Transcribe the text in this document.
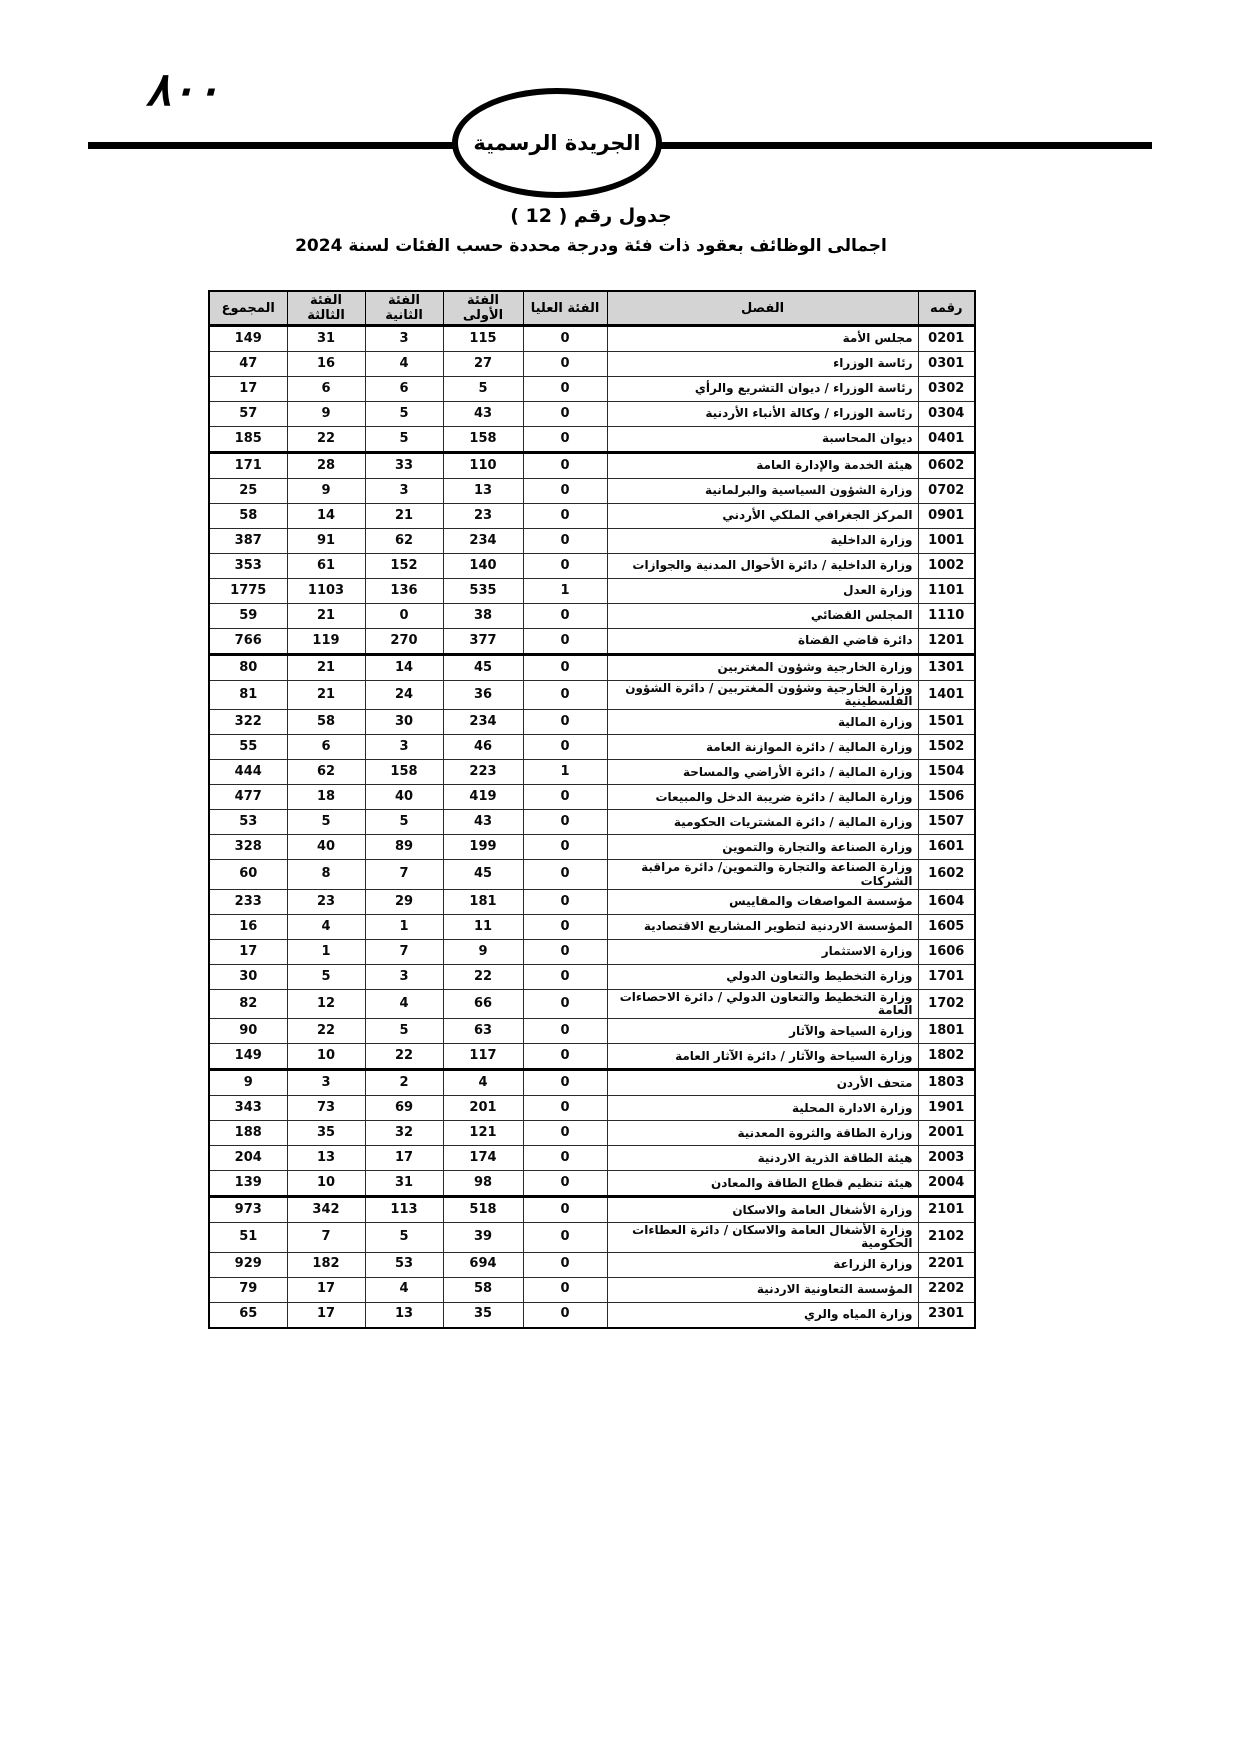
٨٠٠
الجريدة الرسمية
جدول رقم ( 12 )
اجمالى الوظائف بعقود ذات فئة ودرجة محددة حسب الفئات لسنة 2024
رقمه	الفصل	الفئة العليا	الفئة الأولى	الفئة الثانية	الفئة الثالثة	المجموع
0201	مجلس الأمة	0	115	3	31	149
0301	رئاسة الوزراء	0	27	4	16	47
0302	رئاسة الوزراء / ديوان التشريع والرأي	0	5	6	6	17
0304	رئاسة الوزراء / وكالة الأنباء الأردنية	0	43	5	9	57
0401	ديوان المحاسبة	0	158	5	22	185
0602	هيئة الخدمة والإدارة العامة	0	110	33	28	171
0702	وزارة الشؤون السياسية والبرلمانية	0	13	3	9	25
0901	المركز الجغرافي الملكي الأردني	0	23	21	14	58
1001	وزارة الداخلية	0	234	62	91	387
1002	وزارة الداخلية / دائرة الأحوال المدنية والجوازات	0	140	152	61	353
1101	وزارة العدل	1	535	136	1103	1775
1110	المجلس القضائي	0	38	0	21	59
1201	دائرة قاضي القضاة	0	377	270	119	766
1301	وزارة الخارجية وشؤون المغتربين	0	45	14	21	80
1401	وزارة الخارجية وشؤون المغتربين / دائرة الشؤون الفلسطينية	0	36	24	21	81
1501	وزارة المالية	0	234	30	58	322
1502	وزارة المالية / دائرة الموازنة العامة	0	46	3	6	55
1504	وزارة المالية / دائرة الأراضي والمساحة	1	223	158	62	444
1506	وزارة المالية / دائرة ضريبة الدخل والمبيعات	0	419	40	18	477
1507	وزارة المالية / دائرة المشتريات الحكومية	0	43	5	5	53
1601	وزارة الصناعة والتجارة والتموين	0	199	89	40	328
1602	وزارة الصناعة والتجارة والتموين/ دائرة مراقبة الشركات	0	45	7	8	60
1604	مؤسسة المواصفات والمقاييس	0	181	29	23	233
1605	المؤسسة الاردنية لتطوير المشاريع الاقتصادية	0	11	1	4	16
1606	وزارة الاستثمار	0	9	7	1	17
1701	وزارة التخطيط والتعاون الدولي	0	22	3	5	30
1702	وزارة التخطيط والتعاون الدولي / دائرة الاحصاءات العامة	0	66	4	12	82
1801	وزارة السياحة والآثار	0	63	5	22	90
1802	وزارة السياحة والآثار / دائرة الآثار العامة	0	117	22	10	149
1803	متحف الأردن	0	4	2	3	9
1901	وزارة الادارة المحلية	0	201	69	73	343
2001	وزارة الطاقة والثروة المعدنية	0	121	32	35	188
2003	هيئة الطاقة الذرية الاردنية	0	174	17	13	204
2004	هيئة تنظيم قطاع الطاقة والمعادن	0	98	31	10	139
2101	وزارة الأشغال العامة والاسكان	0	518	113	342	973
2102	وزارة الأشغال العامة والاسكان / دائرة العطاءات الحكومية	0	39	5	7	51
2201	وزارة الزراعة	0	694	53	182	929
2202	المؤسسة التعاونية الاردنية	0	58	4	17	79
2301	وزارة المياه والري	0	35	13	17	65
